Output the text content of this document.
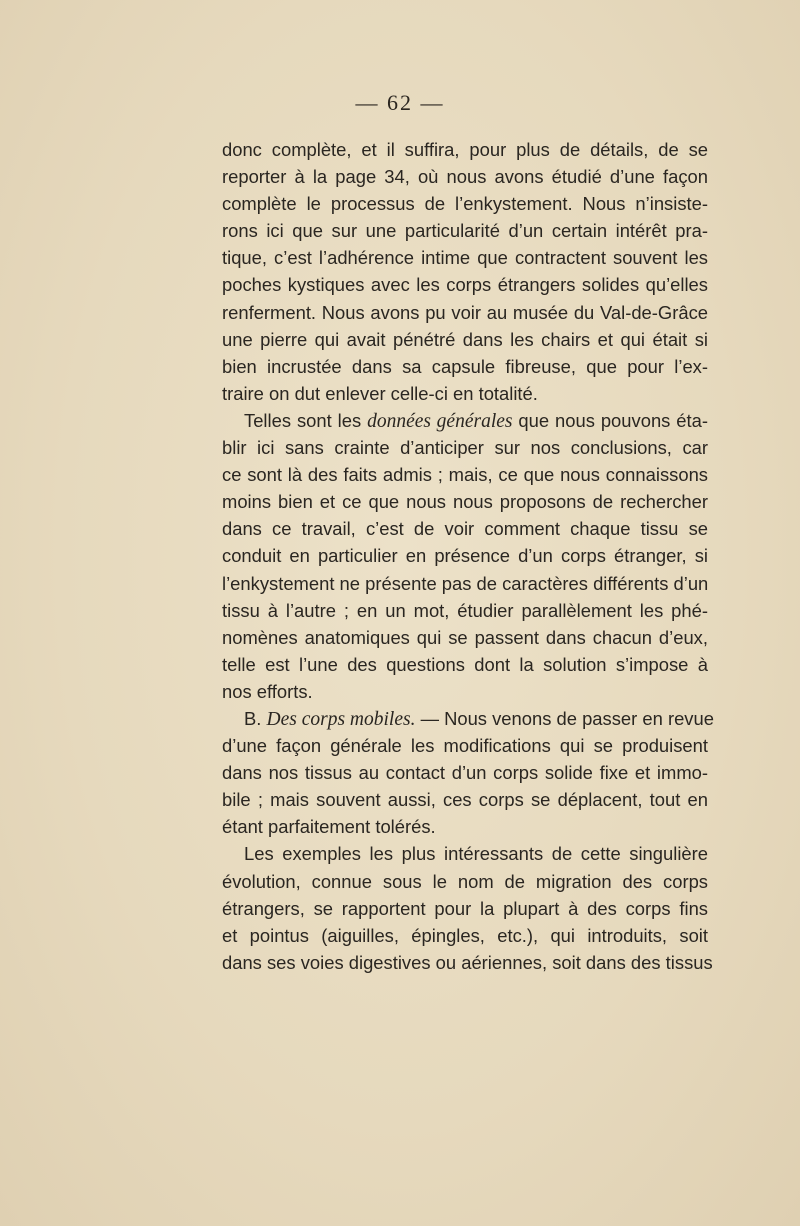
— 62 —
donc complète, et il suffira, pour plus de détails, de se
reporter à la page 34, où nous avons étudié d’une façon
complète le processus de l’enkystement. Nous n’insiste-
rons ici que sur une particularité d’un certain intérêt pra-
tique, c’est l’adhérence intime que contractent souvent les
poches kystiques avec les corps étrangers solides qu’elles
renferment. Nous avons pu voir au musée du Val-de-Grâce
une pierre qui avait pénétré dans les chairs et qui était si
bien incrustée dans sa capsule fibreuse, que pour l’ex-
traire on dut enlever celle-ci en totalité.
Telles sont les données générales que nous pouvons éta-
blir ici sans crainte d’anticiper sur nos conclusions, car
ce sont là des faits admis ; mais, ce que nous connaissons
moins bien et ce que nous nous proposons de rechercher
dans ce travail, c’est de voir comment chaque tissu se
conduit en particulier en présence d’un corps étranger, si
l’enkystement ne présente pas de caractères différents d’un
tissu à l’autre ; en un mot, étudier parallèlement les phé-
nomènes anatomiques qui se passent dans chacun d’eux,
telle est l’une des questions dont la solution s’impose à
nos efforts.
B. Des corps mobiles. — Nous venons de passer en revue
d’une façon générale les modifications qui se produisent
dans nos tissus au contact d’un corps solide fixe et immo-
bile ; mais souvent aussi, ces corps se déplacent, tout en
étant parfaitement tolérés.
Les exemples les plus intéressants de cette singulière
évolution, connue sous le nom de migration des corps
étrangers, se rapportent pour la plupart à des corps fins
et pointus (aiguilles, épingles, etc.), qui introduits, soit
dans ses voies digestives ou aériennes, soit dans des tissus
